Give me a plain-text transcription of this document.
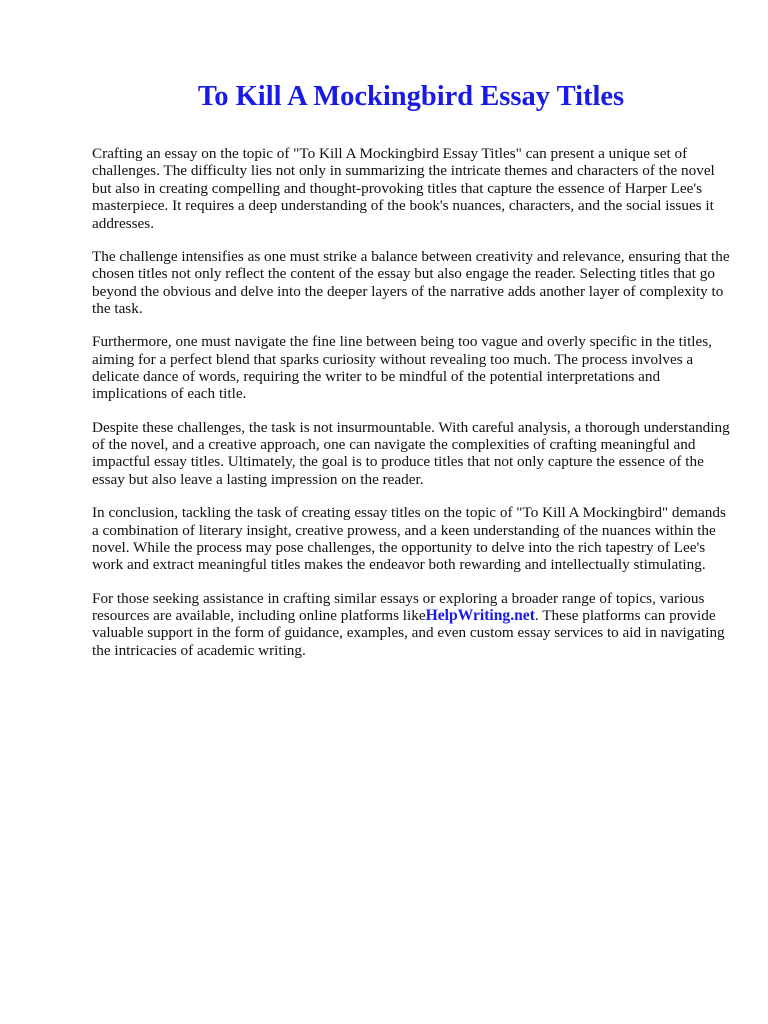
To Kill A Mockingbird Essay Titles

Crafting an essay on the topic of "To Kill A Mockingbird Essay Titles" can present a unique set of challenges. The difficulty lies not only in summarizing the intricate themes and characters of the novel but also in creating compelling and thought-provoking titles that capture the essence of Harper Lee's masterpiece. It requires a deep understanding of the book's nuances, characters, and the social issues it addresses.

The challenge intensifies as one must strike a balance between creativity and relevance, ensuring that the chosen titles not only reflect the content of the essay but also engage the reader. Selecting titles that go beyond the obvious and delve into the deeper layers of the narrative adds another layer of complexity to the task.

Furthermore, one must navigate the fine line between being too vague and overly specific in the titles, aiming for a perfect blend that sparks curiosity without revealing too much. The process involves a delicate dance of words, requiring the writer to be mindful of the potential interpretations and implications of each title.

Despite these challenges, the task is not insurmountable. With careful analysis, a thorough understanding of the novel, and a creative approach, one can navigate the complexities of crafting meaningful and impactful essay titles. Ultimately, the goal is to produce titles that not only capture the essence of the essay but also leave a lasting impression on the reader.

In conclusion, tackling the task of creating essay titles on the topic of "To Kill A Mockingbird" demands a combination of literary insight, creative prowess, and a keen understanding of the nuances within the novel. While the process may pose challenges, the opportunity to delve into the rich tapestry of Lee's work and extract meaningful titles makes the endeavor both rewarding and intellectually stimulating.

For those seeking assistance in crafting similar essays or exploring a broader range of topics, various resources are available, including online platforms likeHelpWriting.net. These platforms can provide valuable support in the form of guidance, examples, and even custom essay services to aid in navigating the intricacies of academic writing.
